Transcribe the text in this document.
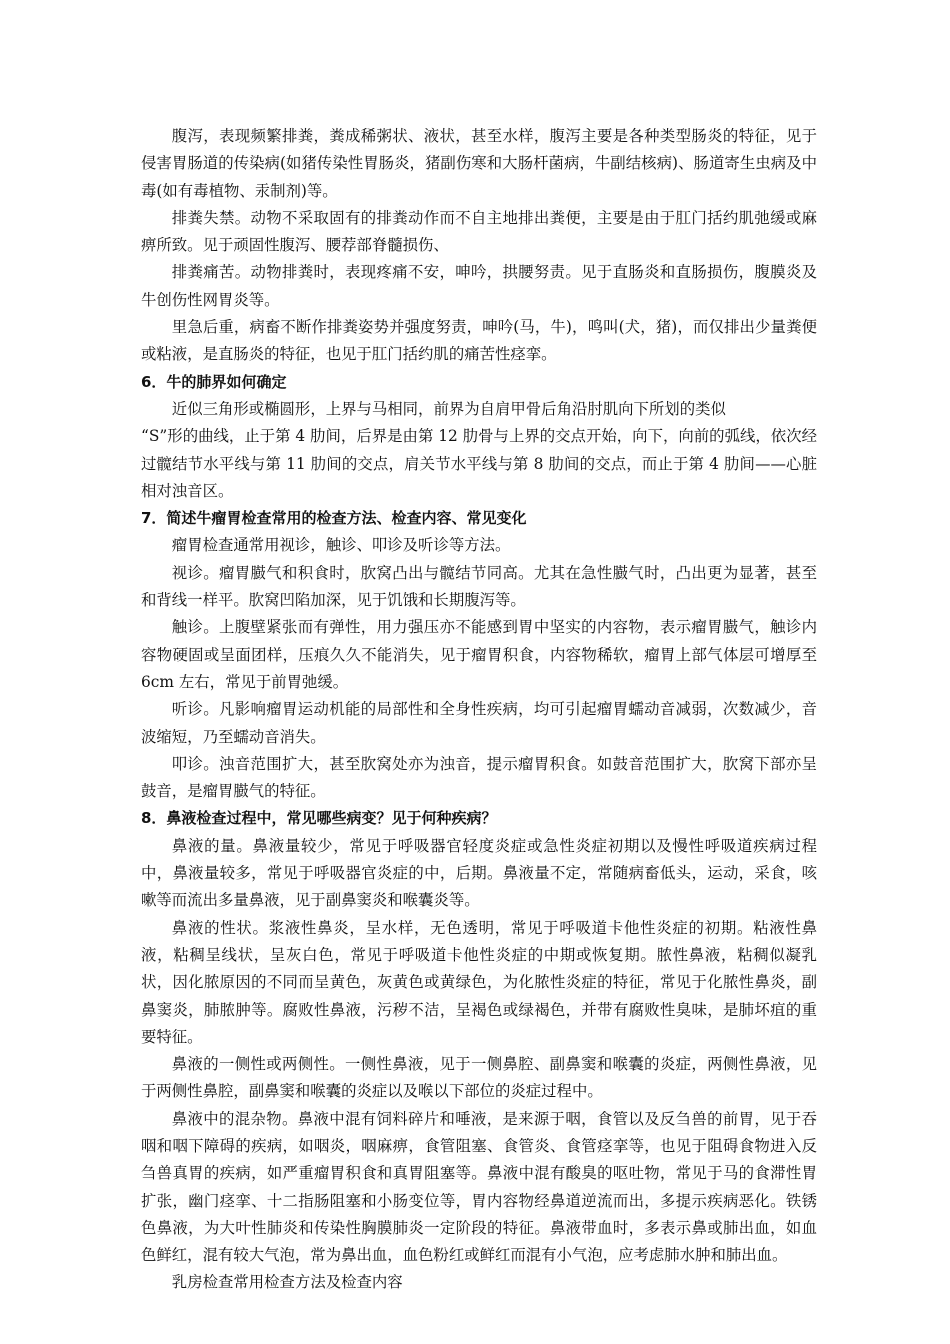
腹泻，表现频繁排粪，粪成稀粥状、液状，甚至水样，腹泻主要是各种类型肠炎的特征，见于侵害胃肠道的传染病(如猪传染性胃肠炎，猪副伤寒和大肠杆菌病，牛副结核病)、肠道寄生虫病及中毒(如有毒植物、汞制剂)等。

排粪失禁。动物不采取固有的排粪动作而不自主地排出粪便，主要是由于肛门括约肌弛缓或麻痹所致。见于顽固性腹泻、腰荐部脊髓损伤、

排粪痛苦。动物排粪时，表现疼痛不安，呻吟，拱腰努责。见于直肠炎和直肠损伤，腹膜炎及牛创伤性网胃炎等。

里急后重，病畜不断作排粪姿势并强度努责，呻吟(马，牛)，鸣叫(犬，猪)，而仅排出少量粪便或粘液，是直肠炎的特征，也见于肛门括约肌的痛苦性痉挛。

6．牛的肺界如何确定

近似三角形或椭圆形，上界与马相同，前界为自肩甲骨后角沿肘肌向下所划的类似

“S”形的曲线，止于第 4 肋间，后界是由第 12 肋骨与上界的交点开始，向下，向前的弧线，依次经过髋结节水平线与第 11 肋间的交点，肩关节水平线与第 8 肋间的交点，而止于第 4 肋间——心脏相对浊音区。

7．简述牛瘤胃检查常用的检查方法、检查内容、常见变化

瘤胃检查通常用视诊，触诊、叩诊及听诊等方法。

视诊。瘤胃臌气和积食时，肷窝凸出与髋结节同高。尤其在急性臌气时，凸出更为显著，甚至和背线一样平。肷窝凹陷加深，见于饥饿和长期腹泻等。

触诊。上腹壁紧张而有弹性，用力强压亦不能感到胃中坚实的内容物，表示瘤胃臌气，触诊内容物硬固或呈面团样，压痕久久不能消失，见于瘤胃积食，内容物稀软，瘤胃上部气体层可增厚至 6cm 左右，常见于前胃弛缓。

听诊。凡影响瘤胃运动机能的局部性和全身性疾病，均可引起瘤胃蠕动音减弱，次数减少，音波缩短，乃至蠕动音消失。

叩诊。浊音范围扩大，甚至肷窝处亦为浊音，提示瘤胃积食。如鼓音范围扩大，肷窝下部亦呈鼓音，是瘤胃臌气的特征。

8．鼻液检查过程中，常见哪些病变？见于何种疾病？

鼻液的量。鼻液量较少，常见于呼吸器官轻度炎症或急性炎症初期以及慢性呼吸道疾病过程中，鼻液量较多，常见于呼吸器官炎症的中，后期。鼻液量不定，常随病畜低头，运动，采食，咳嗽等而流出多量鼻液，见于副鼻窦炎和喉囊炎等。

鼻液的性状。浆液性鼻炎，呈水样，无色透明，常见于呼吸道卡他性炎症的初期。粘液性鼻液，粘稠呈线状，呈灰白色，常见于呼吸道卡他性炎症的中期或恢复期。脓性鼻液，粘稠似凝乳状，因化脓原因的不同而呈黄色，灰黄色或黄绿色，为化脓性炎症的特征，常见于化脓性鼻炎，副鼻窦炎，肺脓肿等。腐败性鼻液，污秽不洁，呈褐色或绿褐色，并带有腐败性臭味，是肺坏疽的重要特征。

鼻液的一侧性或两侧性。一侧性鼻液，见于一侧鼻腔、副鼻窦和喉囊的炎症，两侧性鼻液，见于两侧性鼻腔，副鼻窦和喉囊的炎症以及喉以下部位的炎症过程中。

鼻液中的混杂物。鼻液中混有饲料碎片和唾液，是来源于咽，食管以及反刍兽的前胃，见于吞咽和咽下障碍的疾病，如咽炎，咽麻痹，食管阻塞、食管炎、食管痉挛等，也见于阻碍食物进入反刍兽真胃的疾病，如严重瘤胃积食和真胃阻塞等。鼻液中混有酸臭的呕吐物，常见于马的食滞性胃扩张，幽门痉挛、十二指肠阻塞和小肠变位等，胃内容物经鼻道逆流而出，多提示疾病恶化。铁锈色鼻液，为大叶性肺炎和传染性胸膜肺炎一定阶段的特征。鼻液带血时，多表示鼻或肺出血，如血色鲜红，混有较大气泡，常为鼻出血，血色粉红或鲜红而混有小气泡，应考虑肺水肿和肺出血。

乳房检查常用检查方法及检查内容
